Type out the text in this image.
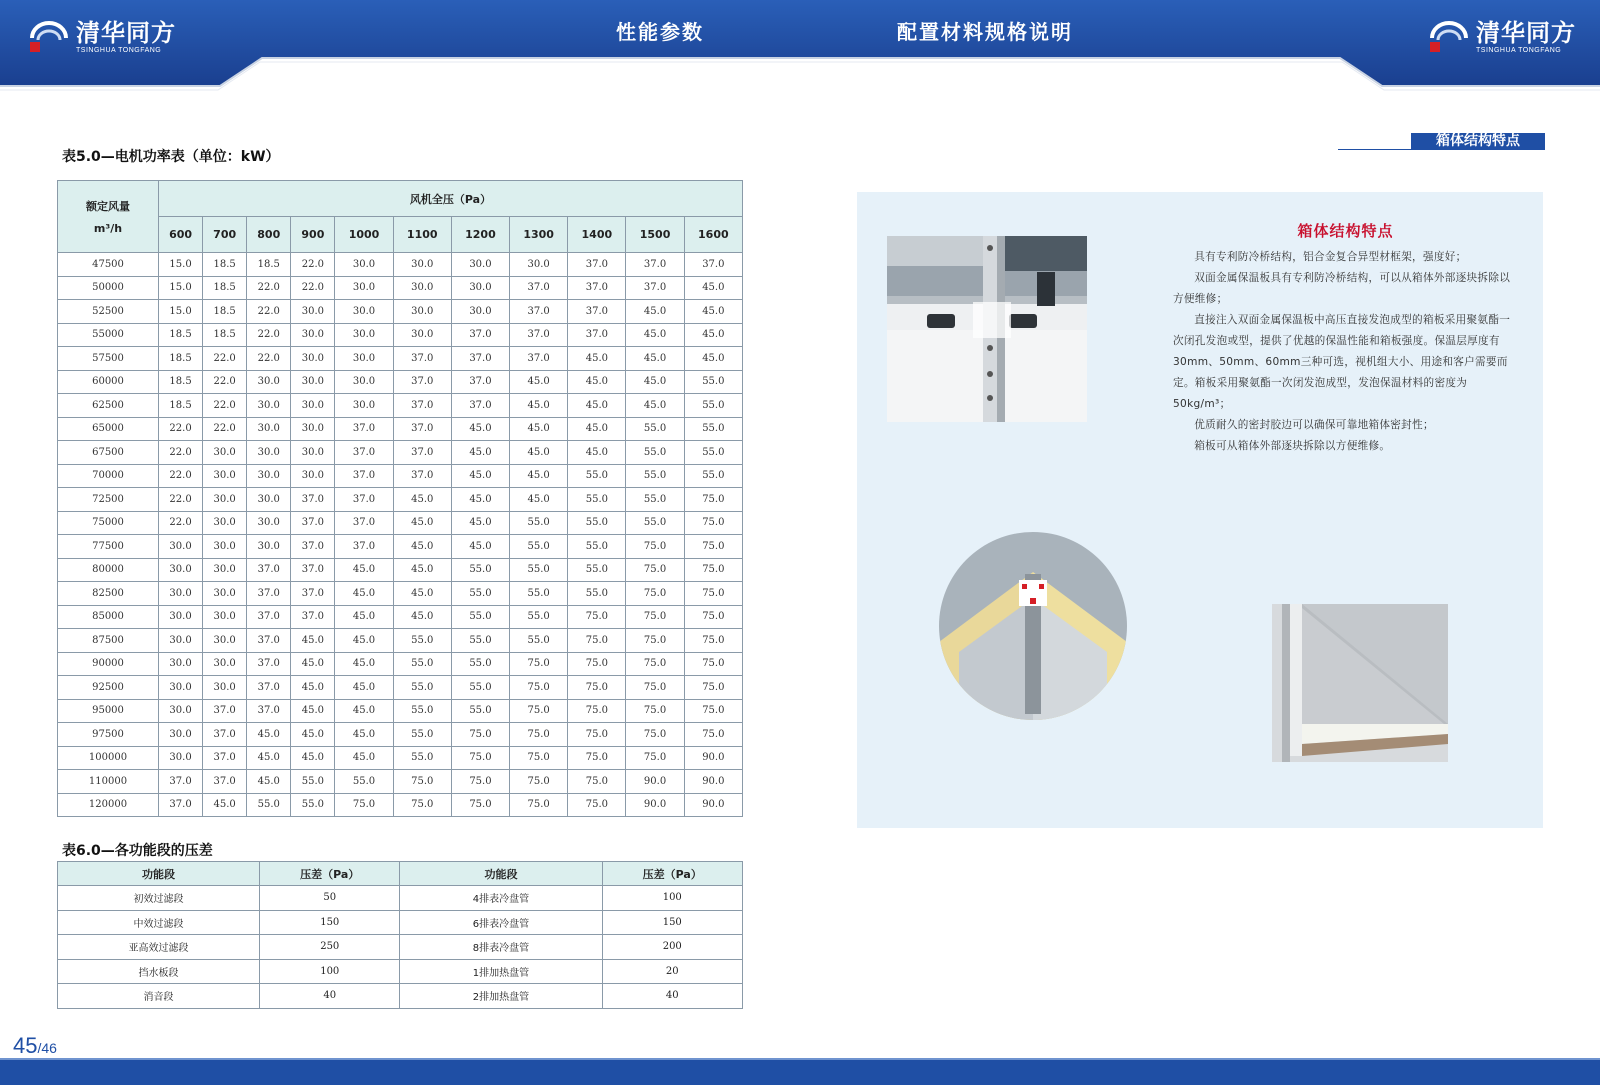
清华同方
TSINGHUA TONGFANG
性能参数	配置材料规格说明	清华同方
TSINGHUA TONGFANG
箱体结构特点
表5.0—电机功率表（单位：kW）
额定风量
m³/h	风机全压（Pa）										
	600	700	800	900	1000	1100	1200	1300	1400	1500	1600
47500	15.0	18.5	18.5	22.0	30.0	30.0	30.0	30.0	37.0	37.0	37.0
50000	15.0	18.5	22.0	22.0	30.0	30.0	30.0	37.0	37.0	37.0	45.0
52500	15.0	18.5	22.0	30.0	30.0	30.0	30.0	37.0	37.0	45.0	45.0
55000	18.5	18.5	22.0	30.0	30.0	30.0	37.0	37.0	37.0	45.0	45.0
57500	18.5	22.0	22.0	30.0	30.0	37.0	37.0	37.0	45.0	45.0	45.0
60000	18.5	22.0	30.0	30.0	30.0	37.0	37.0	45.0	45.0	45.0	55.0
62500	18.5	22.0	30.0	30.0	30.0	37.0	37.0	45.0	45.0	45.0	55.0
65000	22.0	22.0	30.0	30.0	37.0	37.0	45.0	45.0	45.0	55.0	55.0
67500	22.0	30.0	30.0	30.0	37.0	37.0	45.0	45.0	45.0	55.0	55.0
70000	22.0	30.0	30.0	30.0	37.0	37.0	45.0	45.0	55.0	55.0	55.0
72500	22.0	30.0	30.0	37.0	37.0	45.0	45.0	45.0	55.0	55.0	75.0
75000	22.0	30.0	30.0	37.0	37.0	45.0	45.0	55.0	55.0	55.0	75.0
77500	30.0	30.0	30.0	37.0	37.0	45.0	45.0	55.0	55.0	75.0	75.0
80000	30.0	30.0	37.0	37.0	45.0	45.0	55.0	55.0	55.0	75.0	75.0
82500	30.0	30.0	37.0	37.0	45.0	45.0	55.0	55.0	55.0	75.0	75.0
85000	30.0	30.0	37.0	37.0	45.0	45.0	55.0	55.0	75.0	75.0	75.0
87500	30.0	30.0	37.0	45.0	45.0	55.0	55.0	55.0	75.0	75.0	75.0
90000	30.0	30.0	37.0	45.0	45.0	55.0	55.0	75.0	75.0	75.0	75.0
92500	30.0	30.0	37.0	45.0	45.0	55.0	55.0	75.0	75.0	75.0	75.0
95000	30.0	37.0	37.0	45.0	45.0	55.0	55.0	75.0	75.0	75.0	75.0
97500	30.0	37.0	45.0	45.0	45.0	55.0	75.0	75.0	75.0	75.0	75.0
100000	30.0	37.0	45.0	45.0	45.0	55.0	75.0	75.0	75.0	75.0	90.0
110000	37.0	37.0	45.0	55.0	55.0	75.0	75.0	75.0	75.0	90.0	90.0
120000	37.0	45.0	55.0	55.0	75.0	75.0	75.0	75.0	75.0	90.0	90.0
表6.0—各功能段的压差
功能段	压差（Pa）	功能段	压差（Pa）
初效过滤段	50	4排表冷盘管	100
中效过滤段	150	6排表冷盘管	150
亚高效过滤段	250	8排表冷盘管	200
挡水板段	100	1排加热盘管	20
消音段	40	2排加热盘管	40
箱体结构特点

具有专利防冷桥结构，铝合金复合异型材框架，强度好；

双面金属保温板具有专利防冷桥结构，可以从箱体外部逐块拆除以方便维修；

直接注入双面金属保温板中高压直接发泡成型的箱板采用聚氨酯一次闭孔发泡或型，提供了优越的保温性能和箱板强度。保温层厚度有30mm、50mm、60mm三种可选，视机组大小、用途和客户需要而定。箱板采用聚氨酯一次闭发泡成型，发泡保温材料的密度为50kg/m³；

优质耐久的密封胶边可以确保可靠地箱体密封性；

箱板可从箱体外部逐块拆除以方便维修。

45/46
